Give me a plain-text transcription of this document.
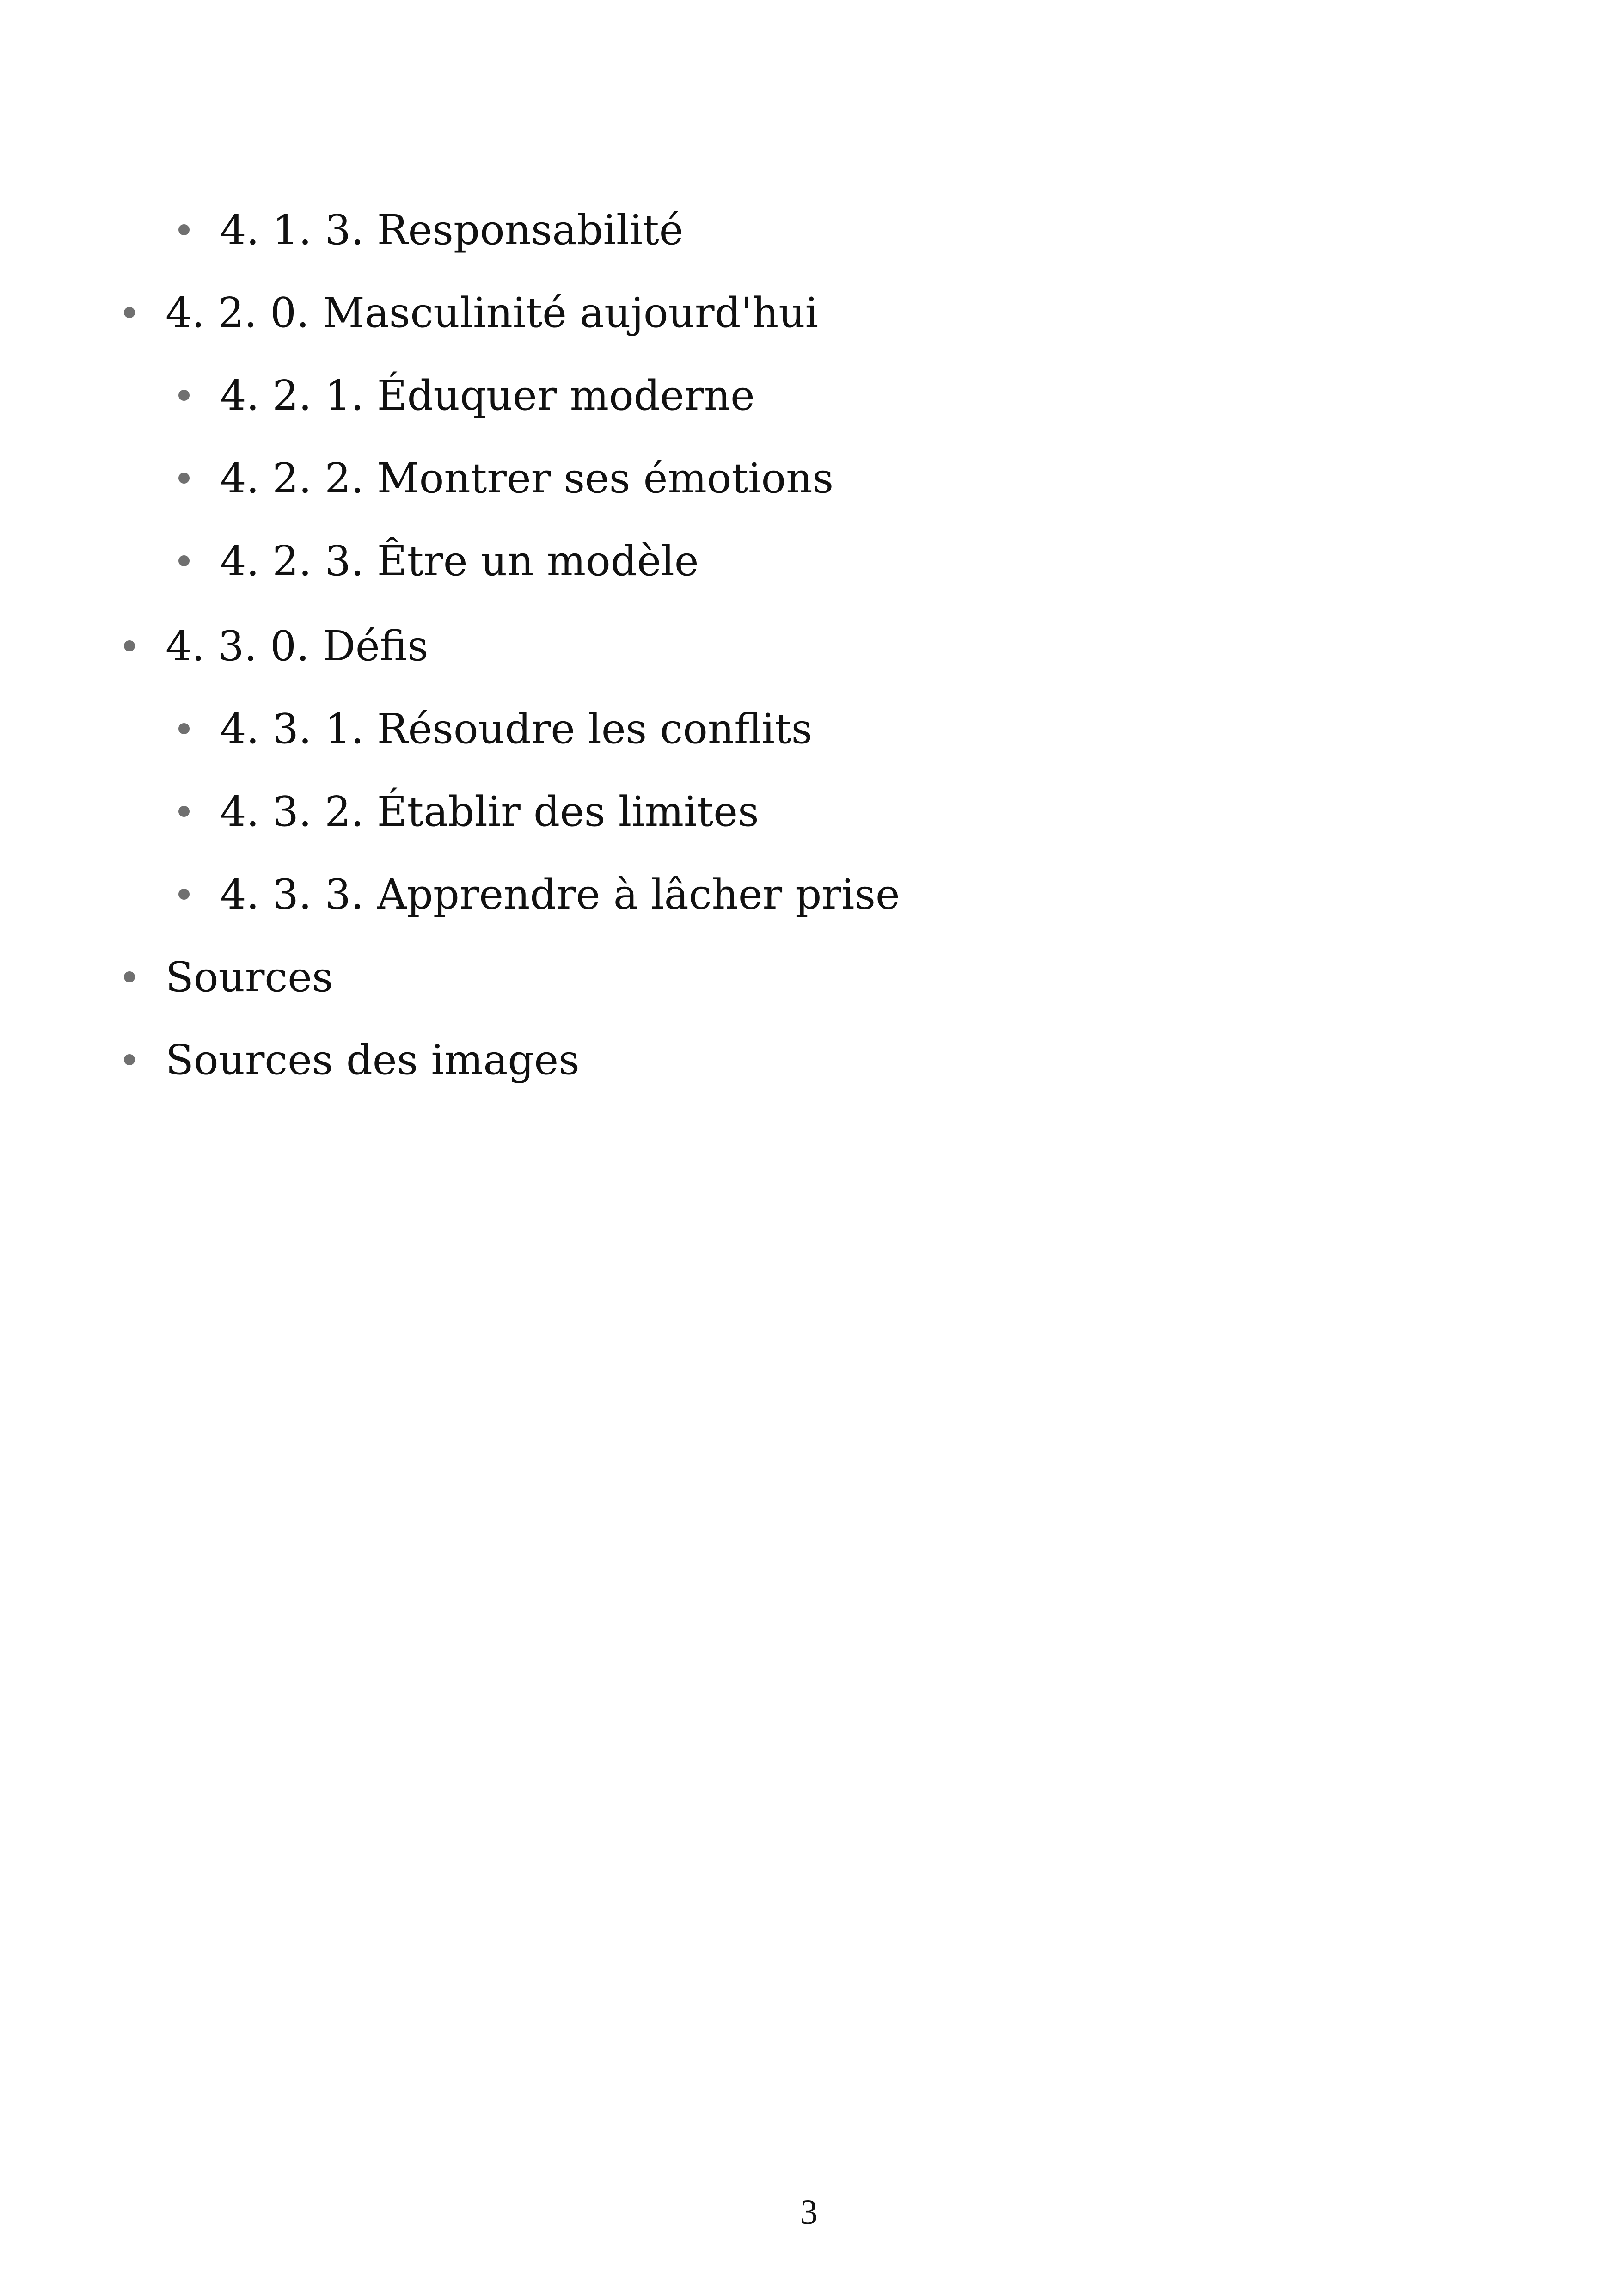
4. 1. 3. Responsabilité
4. 2. 0. Masculinité aujourd'hui
4. 2. 1. Éduquer moderne
4. 2. 2. Montrer ses émotions
4. 2. 3. Être un modèle
4. 3. 0. Défis
4. 3. 1. Résoudre les conflits
4. 3. 2. Établir des limites
4. 3. 3. Apprendre à lâcher prise
Sources
Sources des images
3
